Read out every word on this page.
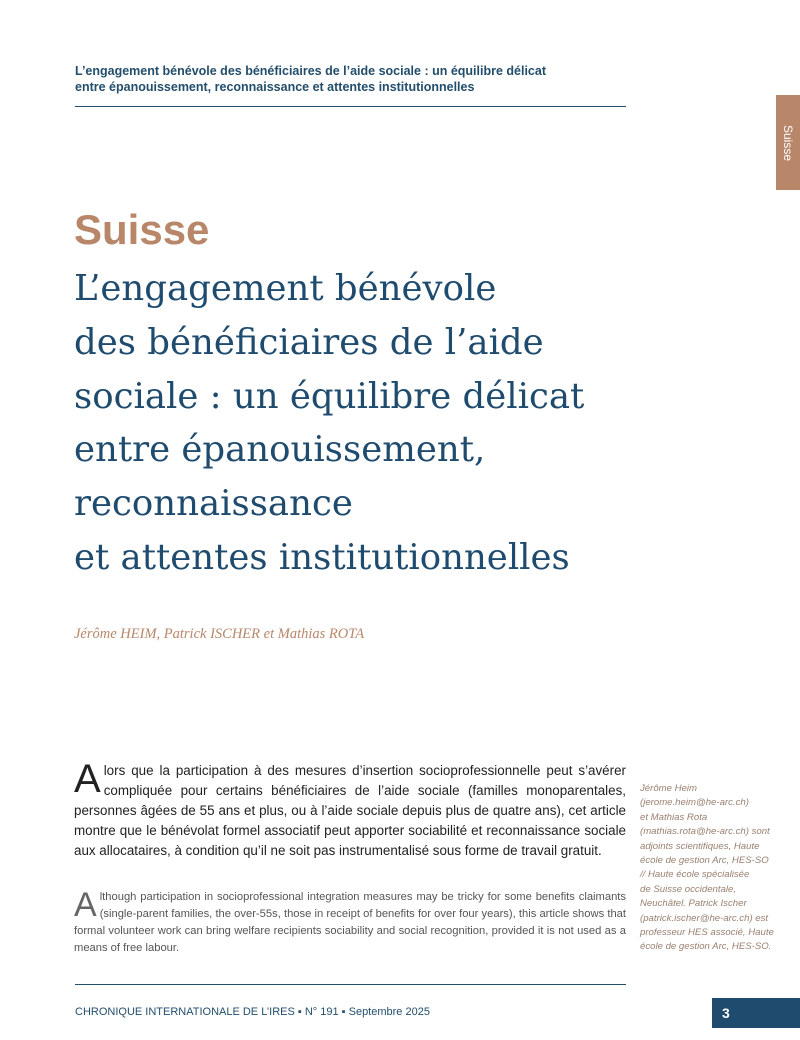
L’engagement bénévole des bénéficiaires de l’aide sociale : un équilibre délicat
entre épanouissement, reconnaissance et attentes institutionnelles
Suisse
Suisse
L’engagement bénévole
des bénéficiaires de l’aide
sociale : un équilibre délicat
entre épanouissement,
reconnaissance
et attentes institutionnelles
Jérôme HEIM, Patrick ISCHER et Mathias ROTA

Alors que la participation à des mesures d’insertion socioprofessionnelle peut s’avérer compliquée pour certains bénéficiaires de l’aide sociale (familles monoparentales, personnes âgées de 55 ans et plus, ou à l’aide sociale depuis plus de quatre ans), cet article montre que le bénévolat formel associatif peut apporter sociabilité et reconnaissance sociale aux allocataires, à condition qu’il ne soit pas instrumentalisé sous forme de travail gratuit.

Although participation in socioprofessional integration measures may be tricky for some benefits claimants (single-parent families, the over-55s, those in receipt of benefits for over four years), this article shows that formal volunteer work can bring welfare recipients sociability and social recognition, provided it is not used as a means of free labour.

Jérôme Heim
(jerome.heim@he-arc.ch)
et Mathias Rota
(mathias.rota@he-arc.ch) sont
adjoints scientifiques, Haute
école de gestion Arc, HES-SO
// Haute école spécialisée
de Suisse occidentale,
Neuchâtel. Patrick Ischer
(patrick.ischer@he-arc.ch) est
professeur HES associé, Haute
école de gestion Arc, HES-SO.
CHRONIQUE INTERNATIONALE DE L’IRES ▪ N° 191 ▪ Septembre 2025	3
